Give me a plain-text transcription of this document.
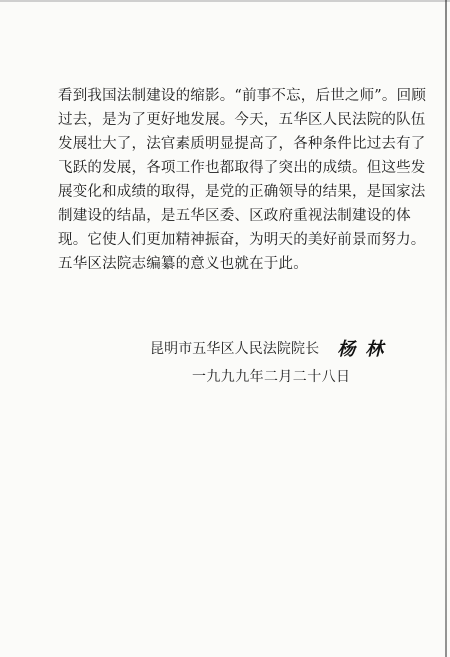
看到我国法制建设的缩影。“前事不忘，后世之师”。回顾
过去，是为了更好地发展。今天，五华区人民法院的队伍
发展壮大了，法官素质明显提高了，各种条件比过去有了
飞跃的发展，各项工作也都取得了突出的成绩。但这些发
展变化和成绩的取得，是党的正确领导的结果，是国家法
制建设的结晶，是五华区委、区政府重视法制建设的体
现。它使人们更加精神振奋，为明天的美好前景而努力。
五华区法院志编纂的意义也就在于此。
昆明市五华区人民法院院长 杨林
一九九九年二月二十八日
